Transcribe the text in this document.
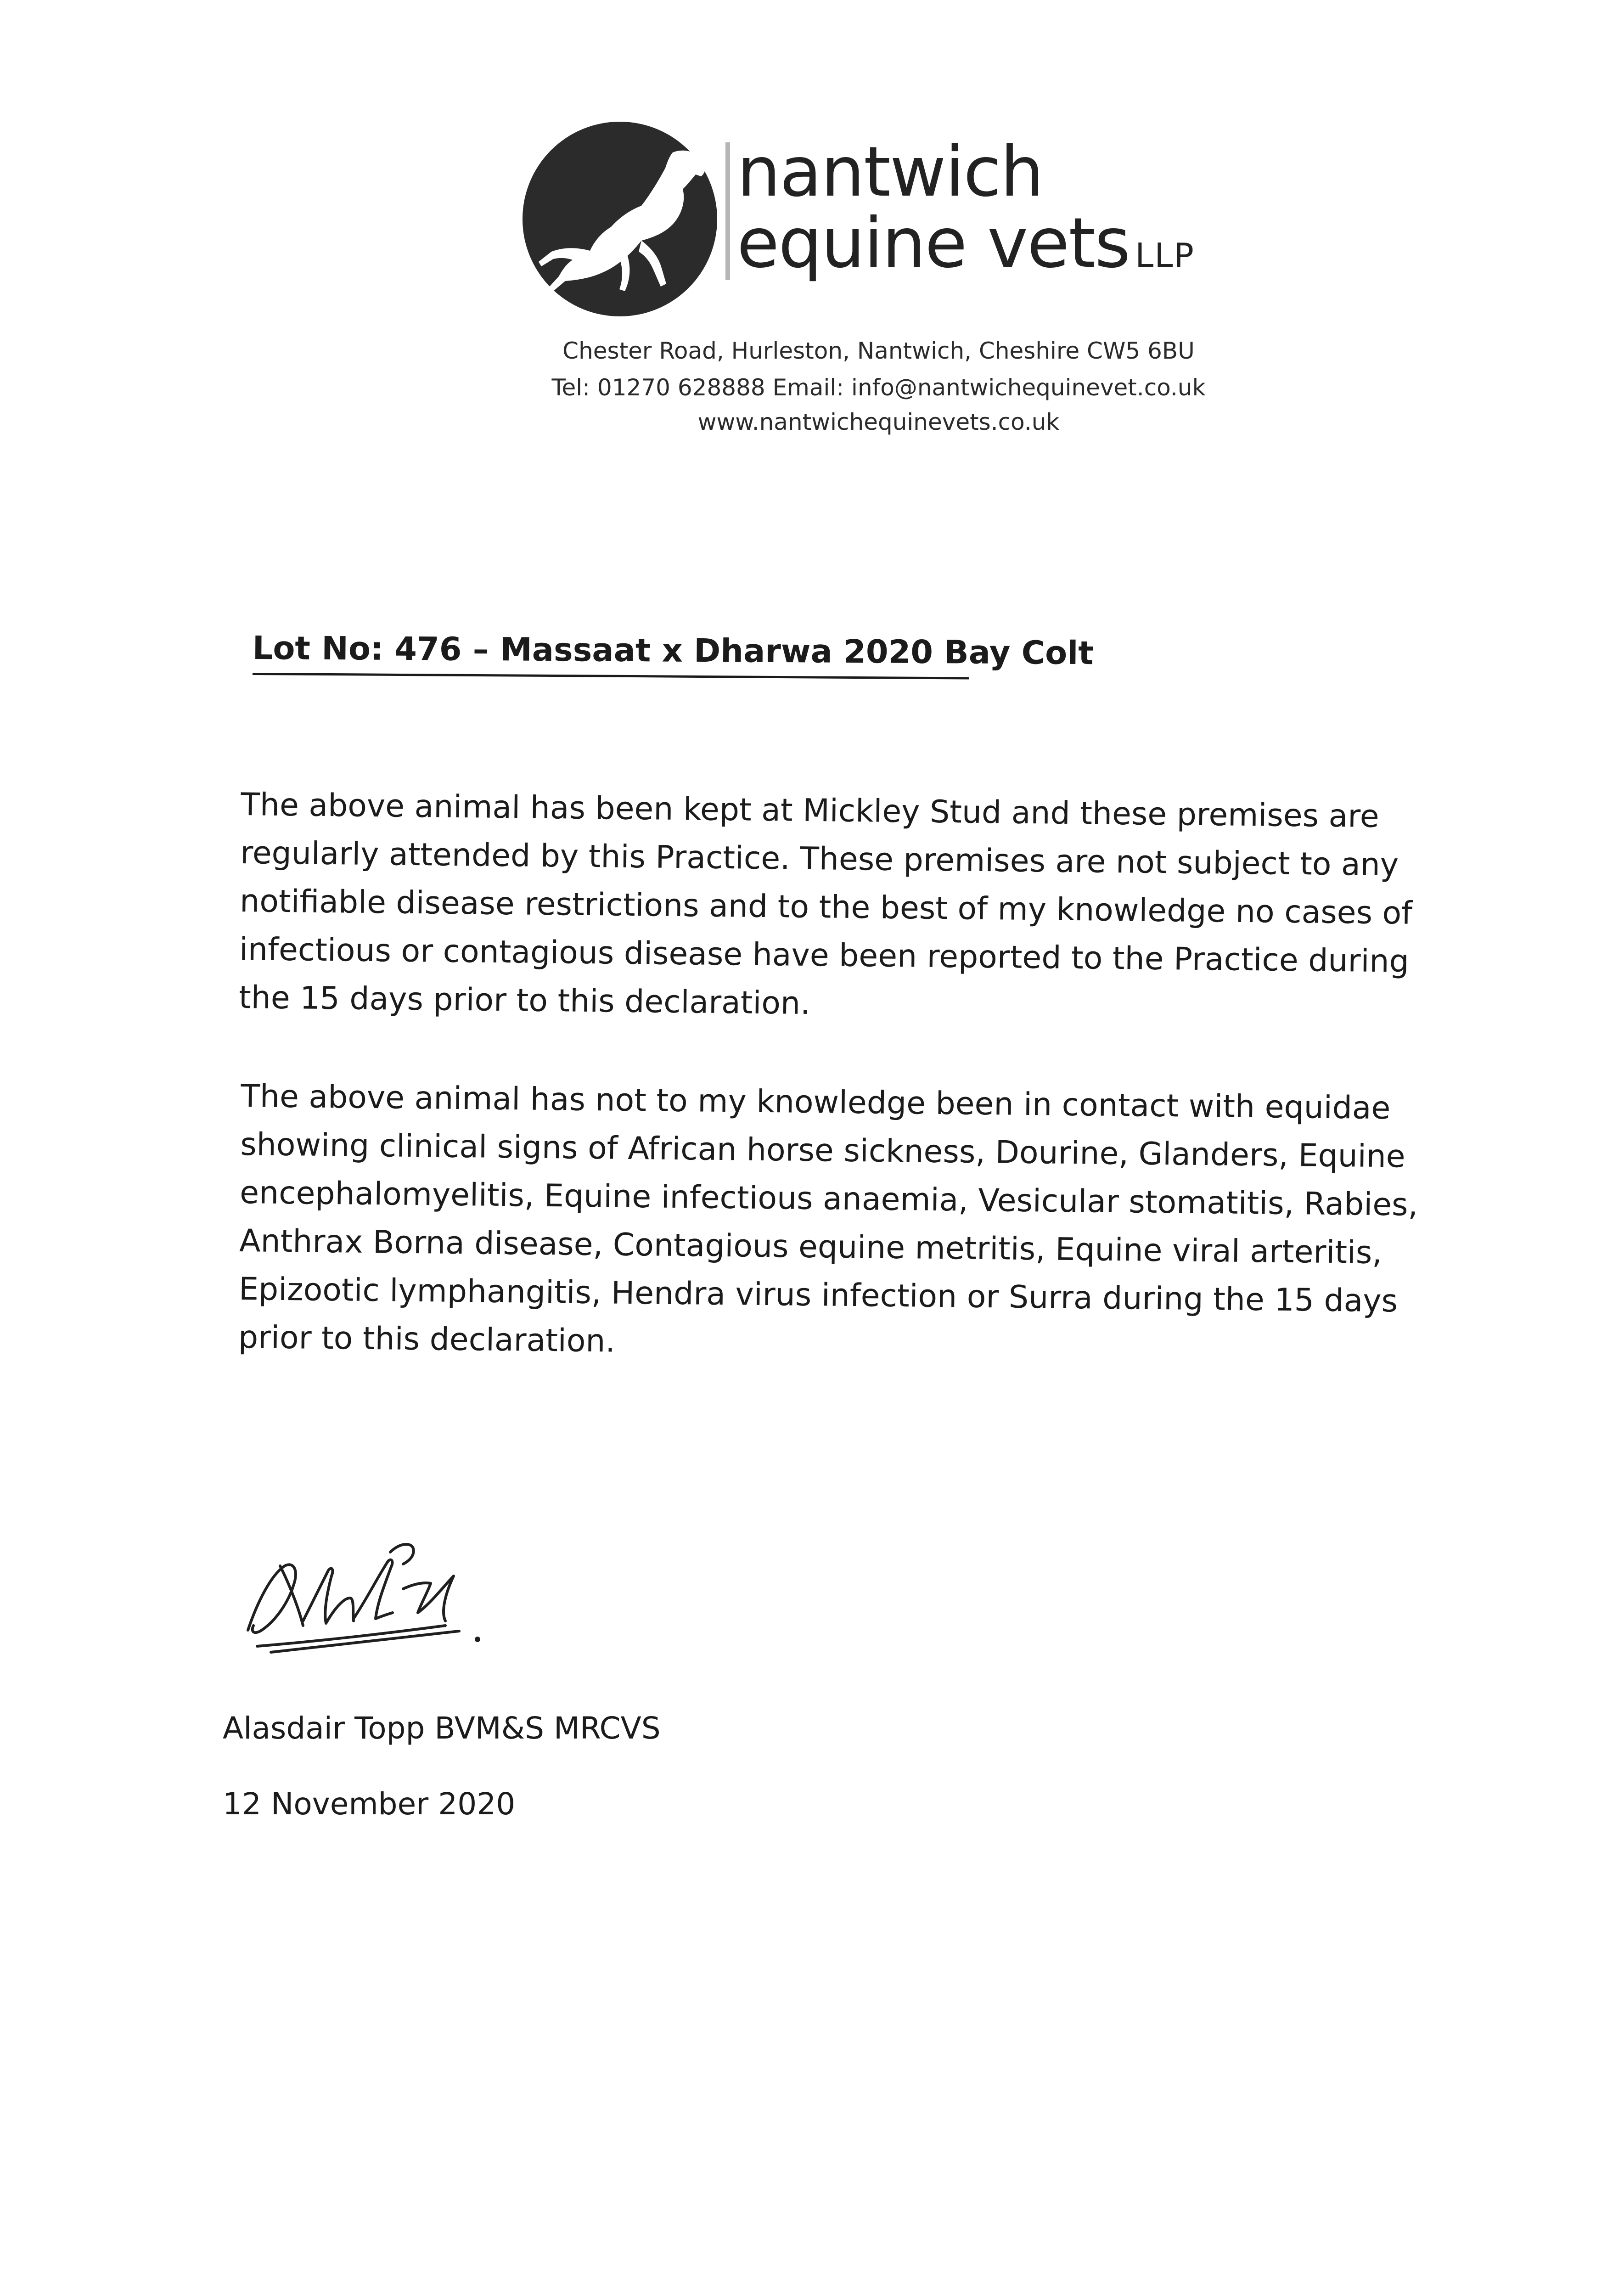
nantwich
equine vets LLP
Chester Road, Hurleston, Nantwich, Cheshire CW5 6BU
Tel: 01270 628888 Email: info@nantwichequinevet.co.uk
www.nantwichequinevets.co.uk
Lot No: 476 – Massaat x Dharwa 2020 Bay Colt
The above animal has been kept at Mickley Stud and these premises are regularly attended by this Practice. These premises are not subject to any notifiable disease restrictions and to the best of my knowledge no cases of infectious or contagious disease have been reported to the Practice during the 15 days prior to this declaration.
The above animal has not to my knowledge been in contact with equidae showing clinical signs of African horse sickness, Dourine, Glanders, Equine encephalomyelitis, Equine infectious anaemia, Vesicular stomatitis, Rabies, Anthrax Borna disease, Contagious equine metritis, Equine viral arteritis, Epizootic lymphangitis, Hendra virus infection or Surra during the 15 days prior to this declaration.
Alasdair Topp BVM&S MRCVS
12 November 2020
